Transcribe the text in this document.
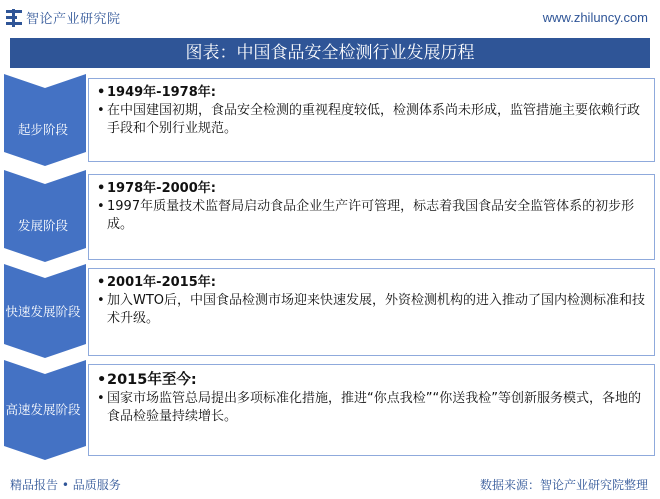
智论产业研究院	www.zhiluncy.com
图表：中国食品安全检测行业发展历程
起步阶段
• 1949年-1978年:
• 在中国建国初期，食品安全检测的重视程度较低，检测体系尚未形成，监管措施主要依赖行政手段和个别行业规范。
发展阶段
• 1978年-2000年:
• 1997年质量技术监督局启动食品企业生产许可管理，标志着我国食品安全监管体系的初步形成。
快速发展阶段
• 2001年-2015年:
• 加入WTO后，中国食品检测市场迎来快速发展，外资检测机构的进入推动了国内检测标准和技术升级。
高速发展阶段
• 2015年至今:
• 国家市场监管总局提出多项标准化措施，推进“你点我检”“你送我检”等创新服务模式，各地的食品检验量持续增长。
精品报告 • 品质服务	数据来源：智论产业研究院整理
